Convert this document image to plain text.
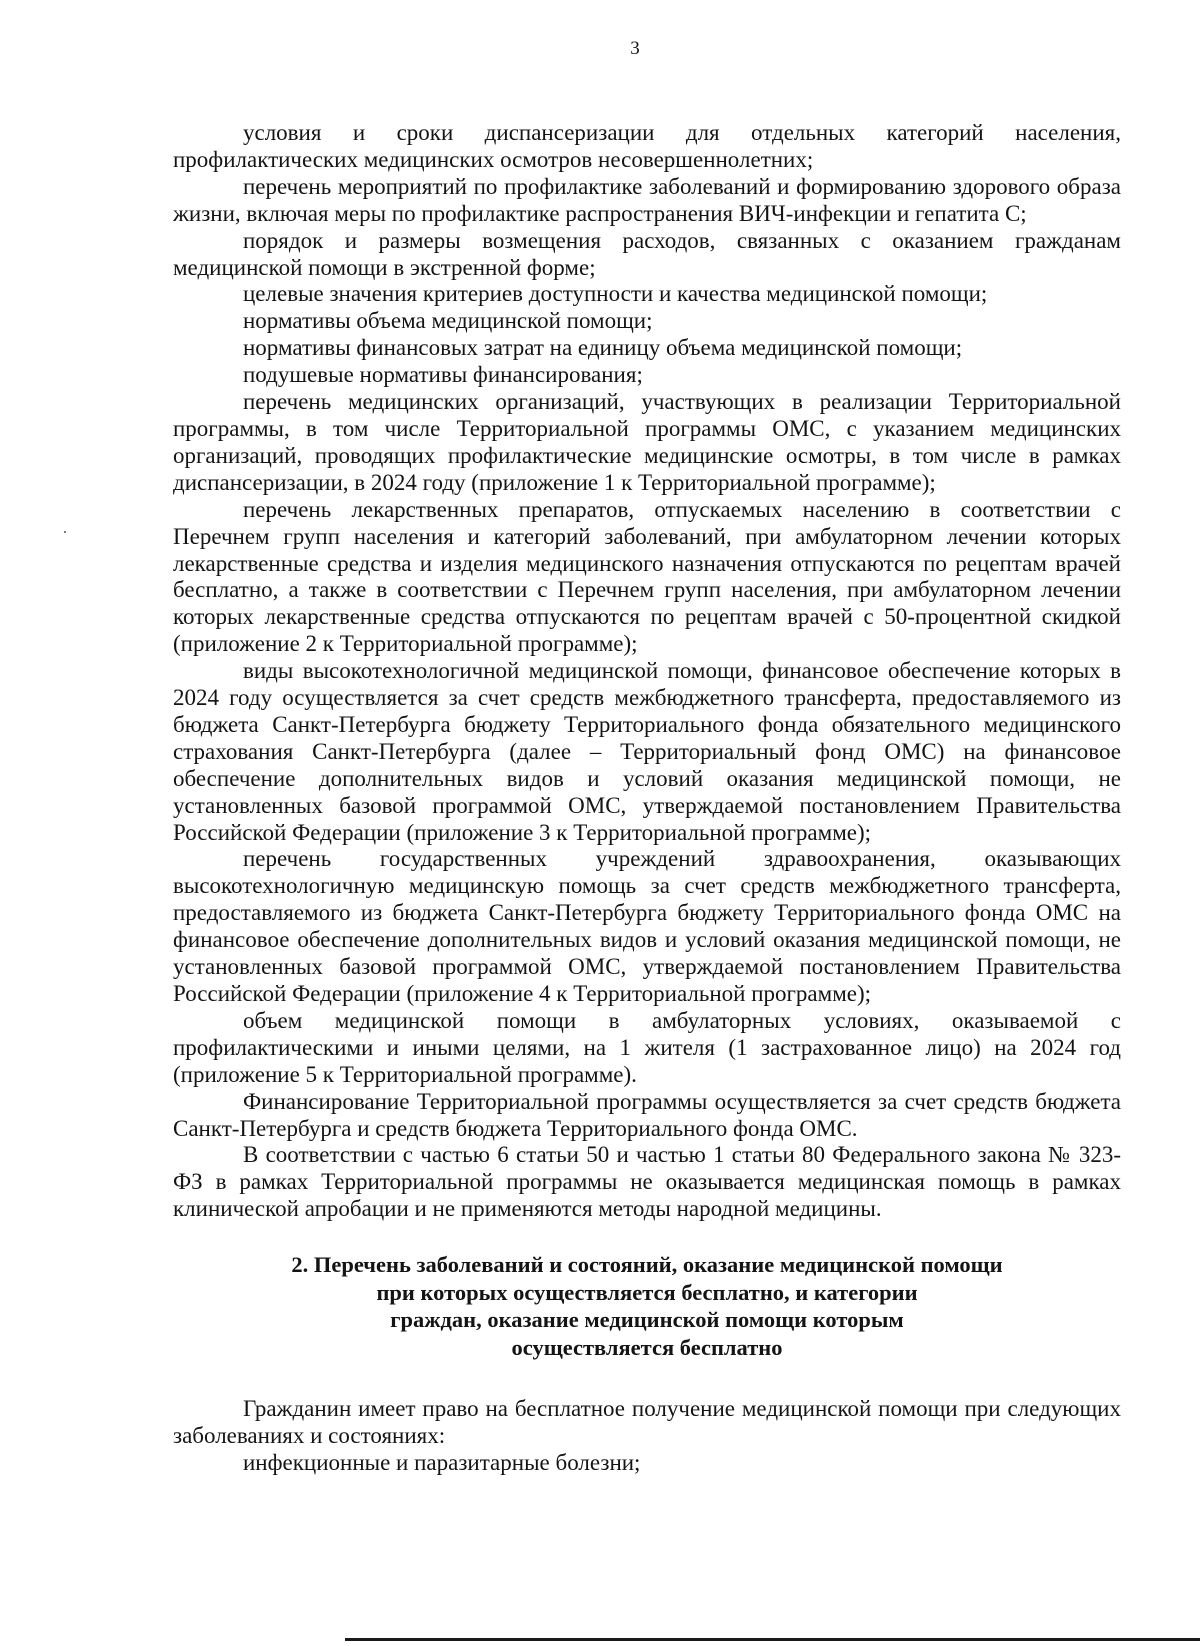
3

условия и сроки диспансеризации для отдельных категорий населения, профилактических медицинских осмотров несовершеннолетних;

перечень мероприятий по профилактике заболеваний и формированию здорового образа жизни, включая меры по профилактике распространения ВИЧ-инфекции и гепатита С;

порядок и размеры возмещения расходов, связанных с оказанием гражданам медицинской помощи в экстренной форме;

целевые значения критериев доступности и качества медицинской помощи;

нормативы объема медицинской помощи;

нормативы финансовых затрат на единицу объема медицинской помощи;

подушевые нормативы финансирования;

перечень медицинских организаций, участвующих в реализации Территориальной программы, в том числе Территориальной программы ОМС, с указанием медицинских организаций, проводящих профилактические медицинские осмотры, в том числе в рамках диспансеризации, в 2024 году (приложение 1 к Территориальной программе);

перечень лекарственных препаратов, отпускаемых населению в соответствии с Перечнем групп населения и категорий заболеваний, при амбулаторном лечении которых лекарственные средства и изделия медицинского назначения отпускаются по рецептам врачей бесплатно, а также в соответствии с Перечнем групп населения, при амбулаторном лечении которых лекарственные средства отпускаются по рецептам врачей с 50-процентной скидкой (приложение 2 к Территориальной программе);

виды высокотехнологичной медицинской помощи, финансовое обеспечение которых в 2024 году осуществляется за счет средств межбюджетного трансферта, предоставляемого из бюджета Санкт-Петербурга бюджету Территориального фонда обязательного медицинского страхования Санкт-Петербурга (далее – Территориальный фонд ОМС) на финансовое обеспечение дополнительных видов и условий оказания медицинской помощи, не установленных базовой программой ОМС, утверждаемой постановлением Правительства Российской Федерации (приложение 3 к Территориальной программе);

перечень государственных учреждений здравоохранения, оказывающих высокотехнологичную медицинскую помощь за счет средств межбюджетного трансферта, предоставляемого из бюджета Санкт-Петербурга бюджету Территориального фонда ОМС на финансовое обеспечение дополнительных видов и условий оказания медицинской помощи, не установленных базовой программой ОМС, утверждаемой постановлением Правительства Российской Федерации (приложение 4 к Территориальной программе);

объем медицинской помощи в амбулаторных условиях, оказываемой с профилактическими и иными целями, на 1 жителя (1 застрахованное лицо) на 2024 год (приложение 5 к Территориальной программе).

Финансирование Территориальной программы осуществляется за счет средств бюджета Санкт-Петербурга и средств бюджета Территориального фонда ОМС.

В соответствии с частью 6 статьи 50 и частью 1 статьи 80 Федерального закона № 323-ФЗ в рамках Территориальной программы не оказывается медицинская помощь в рамках клинической апробации и не применяются методы народной медицины.

2. Перечень заболеваний и состояний, оказание медицинской помощи
при которых осуществляется бесплатно, и категории
граждан, оказание медицинской помощи которым
осуществляется бесплатно

Гражданин имеет право на бесплатное получение медицинской помощи при следующих заболеваниях и состояниях:

инфекционные и паразитарные болезни;
